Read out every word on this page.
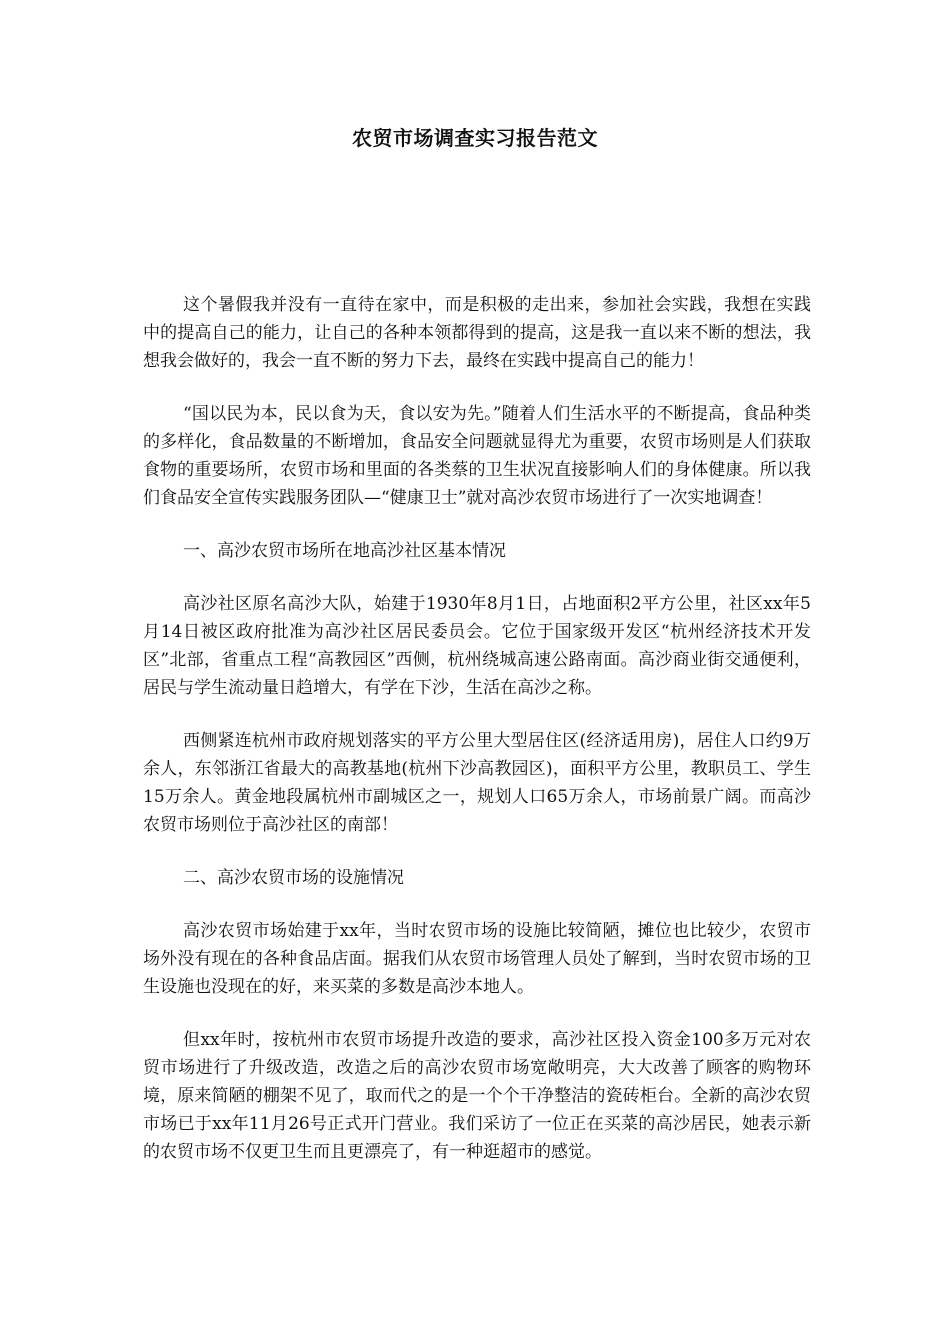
农贸市场调查实习报告范文

这个暑假我并没有一直待在家中，而是积极的走出来，参加社会实践，我想在实践中的提高自己的能力，让自己的各种本领都得到的提高，这是我一直以来不断的想法，我想我会做好的，我会一直不断的努力下去，最终在实践中提高自己的能力！

“国以民为本，民以食为天，食以安为先。”随着人们生活水平的不断提高，食品种类的多样化，食品数量的不断增加，食品安全问题就显得尤为重要，农贸市场则是人们获取食物的重要场所，农贸市场和里面的各类蔡的卫生状况直接影响人们的身体健康。所以我们食品安全宣传实践服务团队—“健康卫士”就对高沙农贸市场进行了一次实地调查！

一、高沙农贸市场所在地高沙社区基本情况

高沙社区原名高沙大队，始建于1930年8月1日，占地面积2平方公里，社区xx年5月14日被区政府批准为高沙社区居民委员会。它位于国家级开发区“杭州经济技术开发区”北部，省重点工程“高教园区”西侧，杭州绕城高速公路南面。高沙商业街交通便利，居民与学生流动量日趋增大，有学在下沙，生活在高沙之称。

西侧紧连杭州市政府规划落实的平方公里大型居住区(经济适用房)，居住人口约9万余人，东邻浙江省最大的高教基地(杭州下沙高教园区)，面积平方公里，教职员工、学生15万余人。黄金地段属杭州市副城区之一，规划人口65万余人，市场前景广阔。而高沙农贸市场则位于高沙社区的南部！

二、高沙农贸市场的设施情况

高沙农贸市场始建于xx年，当时农贸市场的设施比较简陋，摊位也比较少，农贸市场外没有现在的各种食品店面。据我们从农贸市场管理人员处了解到，当时农贸市场的卫生设施也没现在的好，来买菜的多数是高沙本地人。

但xx年时，按杭州市农贸市场提升改造的要求，高沙社区投入资金100多万元对农贸市场进行了升级改造，改造之后的高沙农贸市场宽敞明亮，大大改善了顾客的购物环境，原来简陋的棚架不见了，取而代之的是一个个干净整洁的瓷砖柜台。全新的高沙农贸市场已于xx年11月26号正式开门营业。我们采访了一位正在买菜的高沙居民，她表示新的农贸市场不仅更卫生而且更漂亮了，有一种逛超市的感觉。
